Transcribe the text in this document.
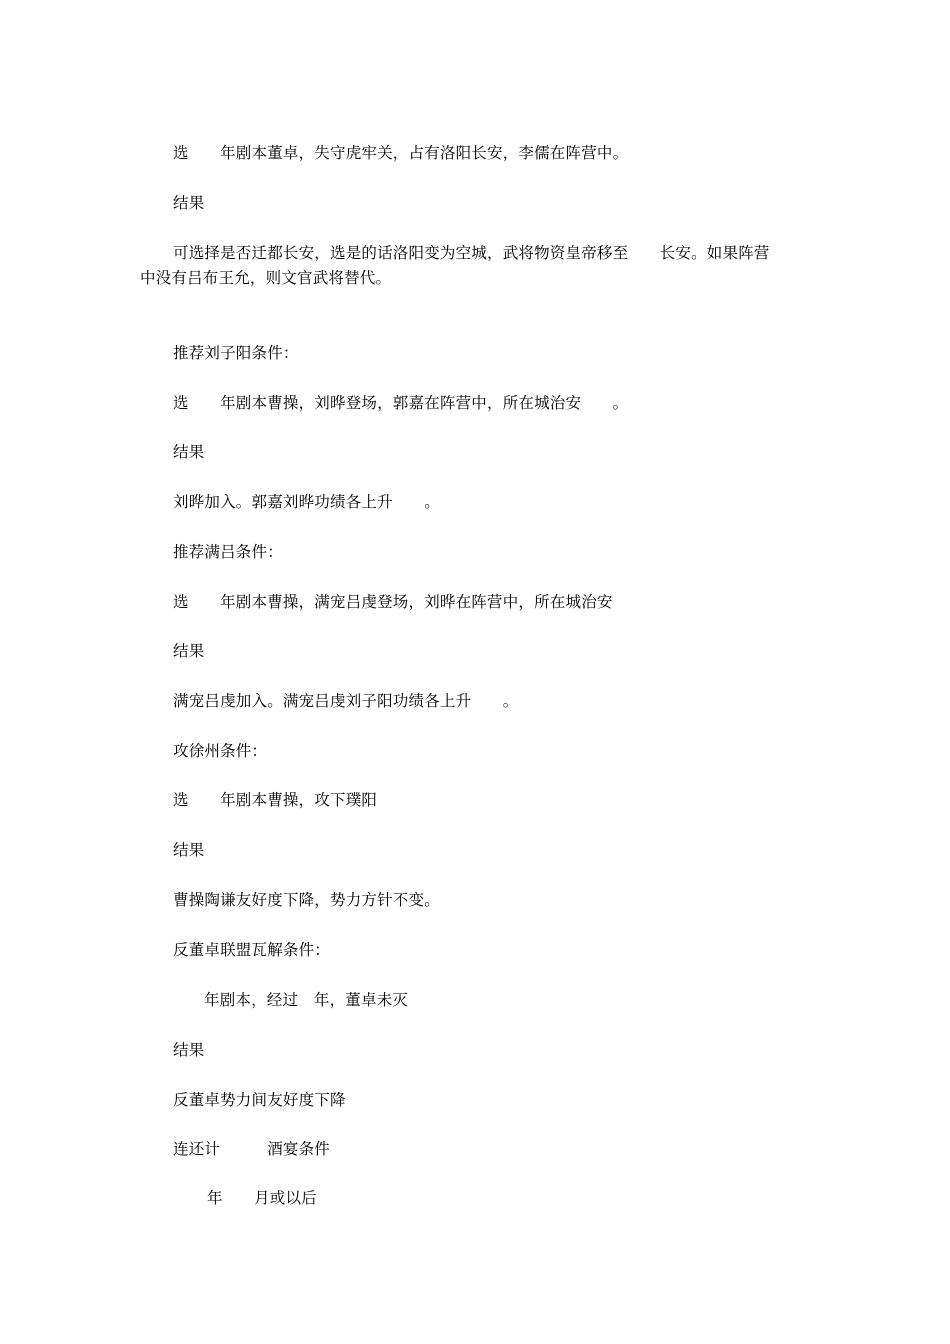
选　　年剧本董卓，失守虎牢关，占有洛阳长安，李儒在阵营中。
结果
可选择是否迁都长安，选是的话洛阳变为空城，武将物资皇帝移至　　长安。如果阵营
中没有吕布王允，则文官武将替代。
推荐刘子阳条件：
选　　年剧本曹操，刘晔登场，郭嘉在阵营中，所在城治安　　。
结果
刘晔加入。郭嘉刘晔功绩各上升　　。
推荐满吕条件：
选　　年剧本曹操，满宠吕虔登场，刘晔在阵营中，所在城治安
结果
满宠吕虔加入。满宠吕虔刘子阳功绩各上升　　。
攻徐州条件：
选　　年剧本曹操，攻下璞阳
结果
曹操陶谦友好度下降，势力方针不变。
反董卓联盟瓦解条件：
年剧本，经过　年，董卓未灭
结果
反董卓势力间友好度下降
连还计　　　酒宴条件
年　　月或以后
